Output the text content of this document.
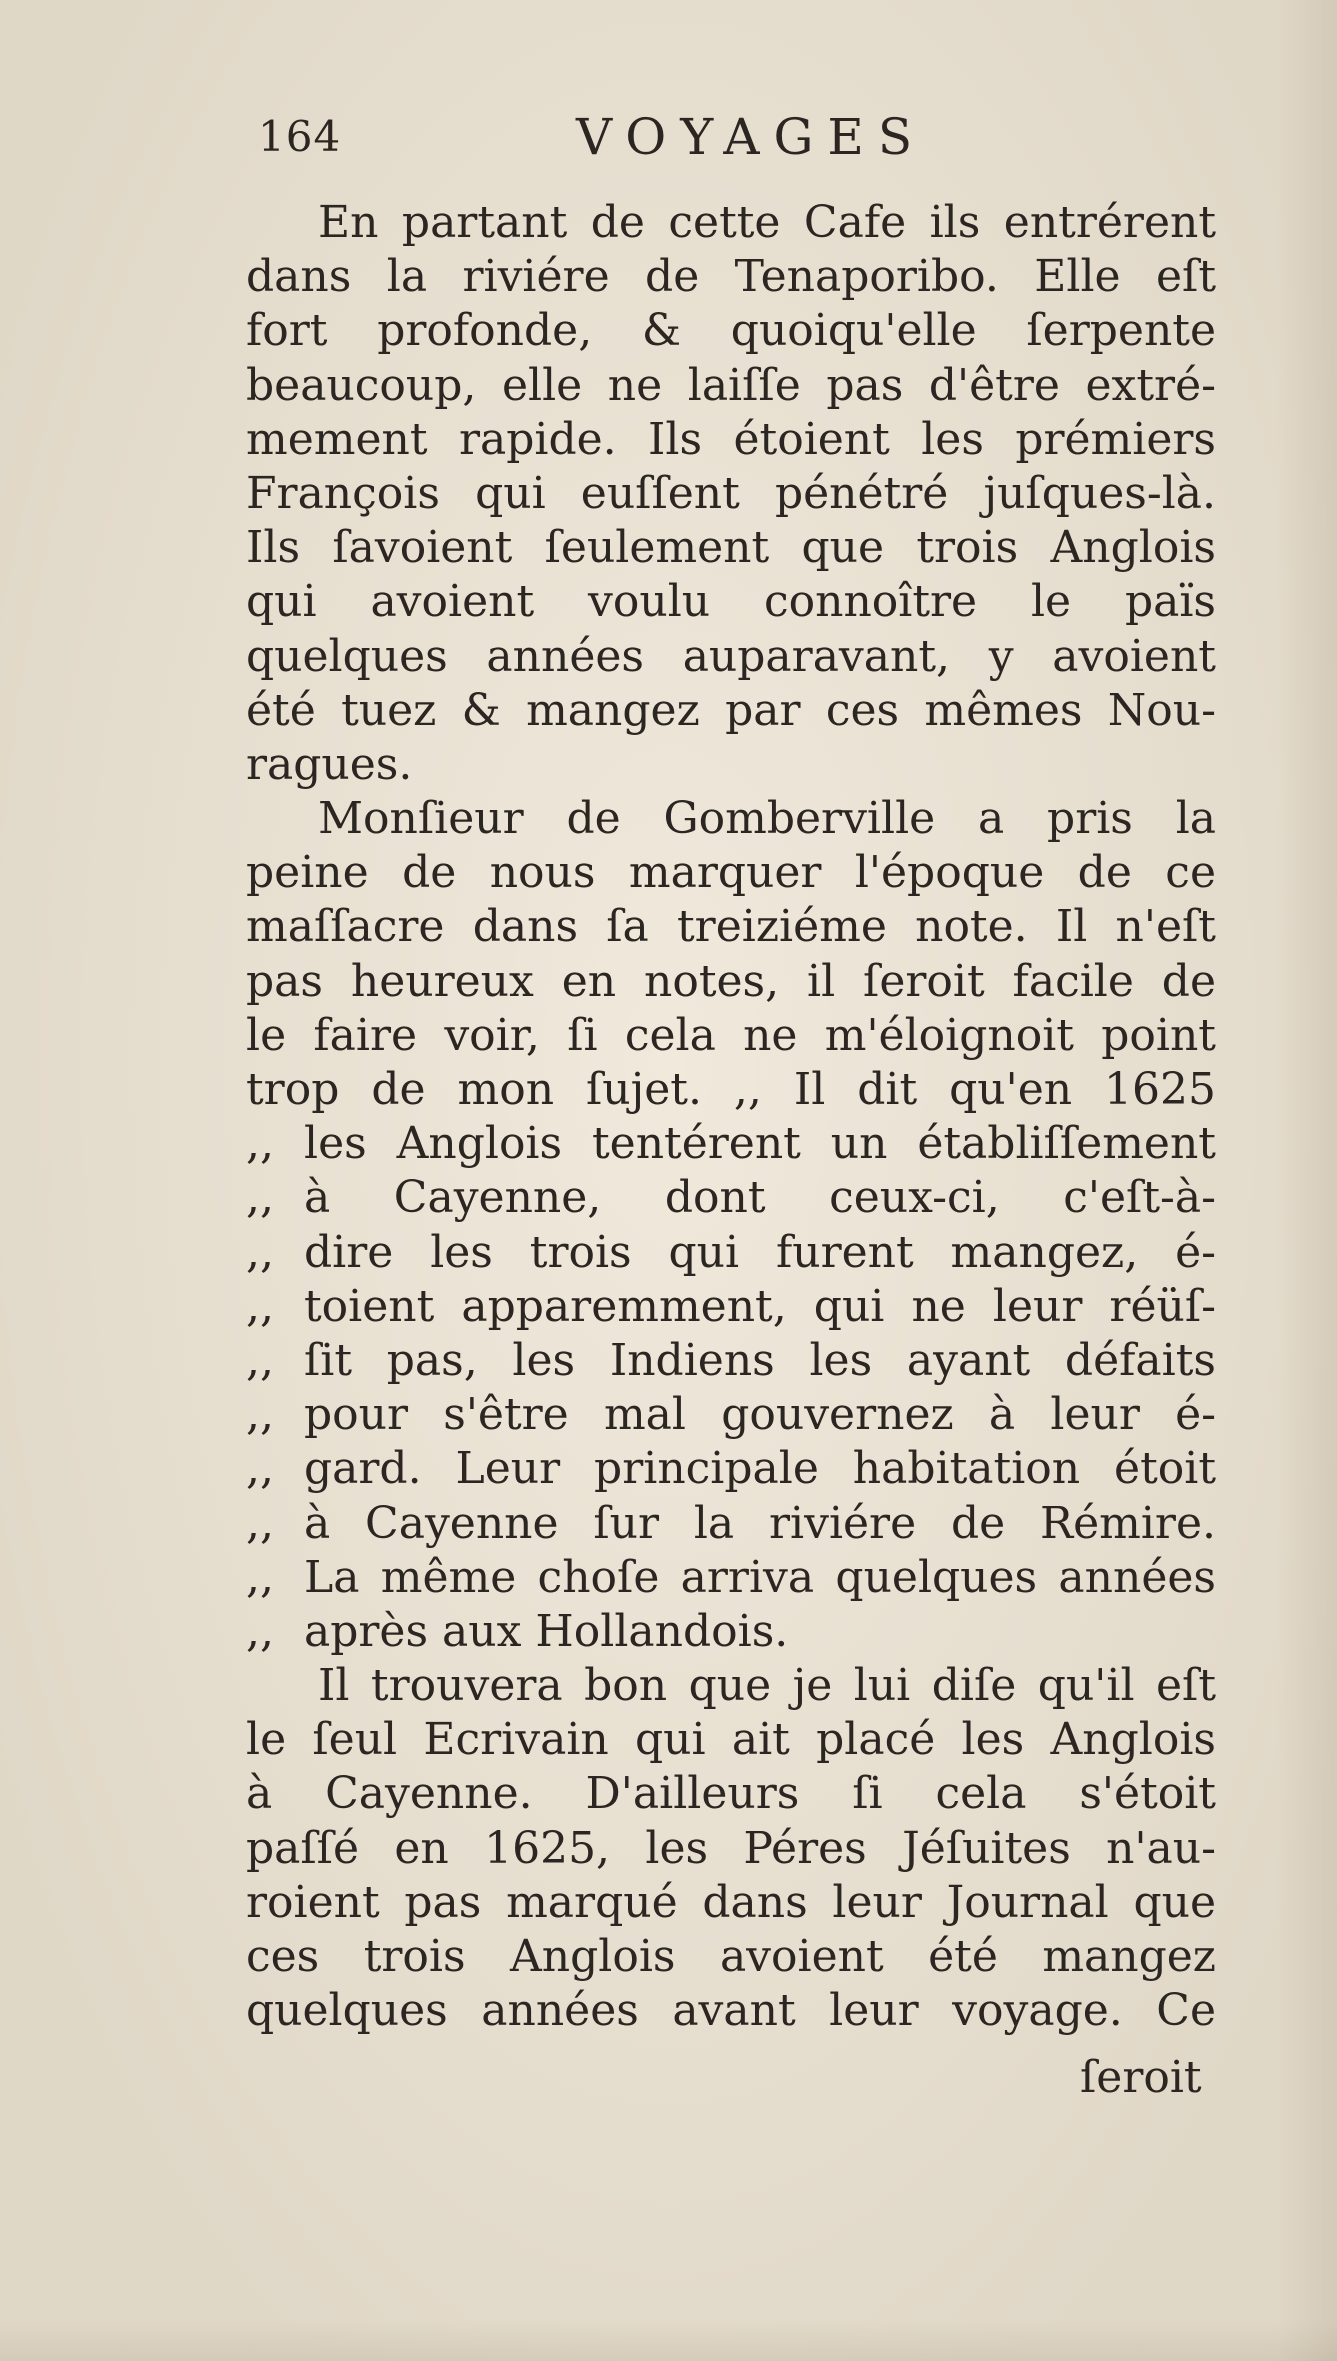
164	VOYAGES
En partant de cette Cafe ils entrérent
dans la riviére de Tenaporibo. Elle eſt
fort profonde, & quoiqu'elle ſerpente
beaucoup, elle ne laiſſe pas d'être extré-
mement rapide. Ils étoient les prémiers
François qui euſſent pénétré juſques-là.
Ils ſavoient ſeulement que trois Anglois
qui avoient voulu connoître le païs
quelques années auparavant, y avoient
été tuez & mangez par ces mêmes Nou-
ragues.
Monſieur de Gomberville a pris la
peine de nous marquer l'époque de ce
maſſacre dans ſa treiziéme note. Il n'eſt
pas heureux en notes, il ſeroit facile de
le faire voir, ſi cela ne m'éloignoit point
trop de mon ſujet. ,, Il dit qu'en 1625
,, les Anglois tentérent un établiſſement
,, à Cayenne, dont ceux-ci, c'eſt-à-
,, dire les trois qui furent mangez, é-
,, toient apparemment, qui ne leur réüſ-
,, ſit pas, les Indiens les ayant défaits
,, pour s'être mal gouvernez à leur é-
,, gard. Leur principale habitation étoit
,, à Cayenne ſur la riviére de Rémire.
,, La même choſe arriva quelques années
,, après aux Hollandois.
Il trouvera bon que je lui diſe qu'il eſt
le ſeul Ecrivain qui ait placé les Anglois
à Cayenne. D'ailleurs ſi cela s'étoit
paſſé en 1625, les Péres Jéſuites n'au-
roient pas marqué dans leur Journal que
ces trois Anglois avoient été mangez
quelques années avant leur voyage. Ce
ſeroit
